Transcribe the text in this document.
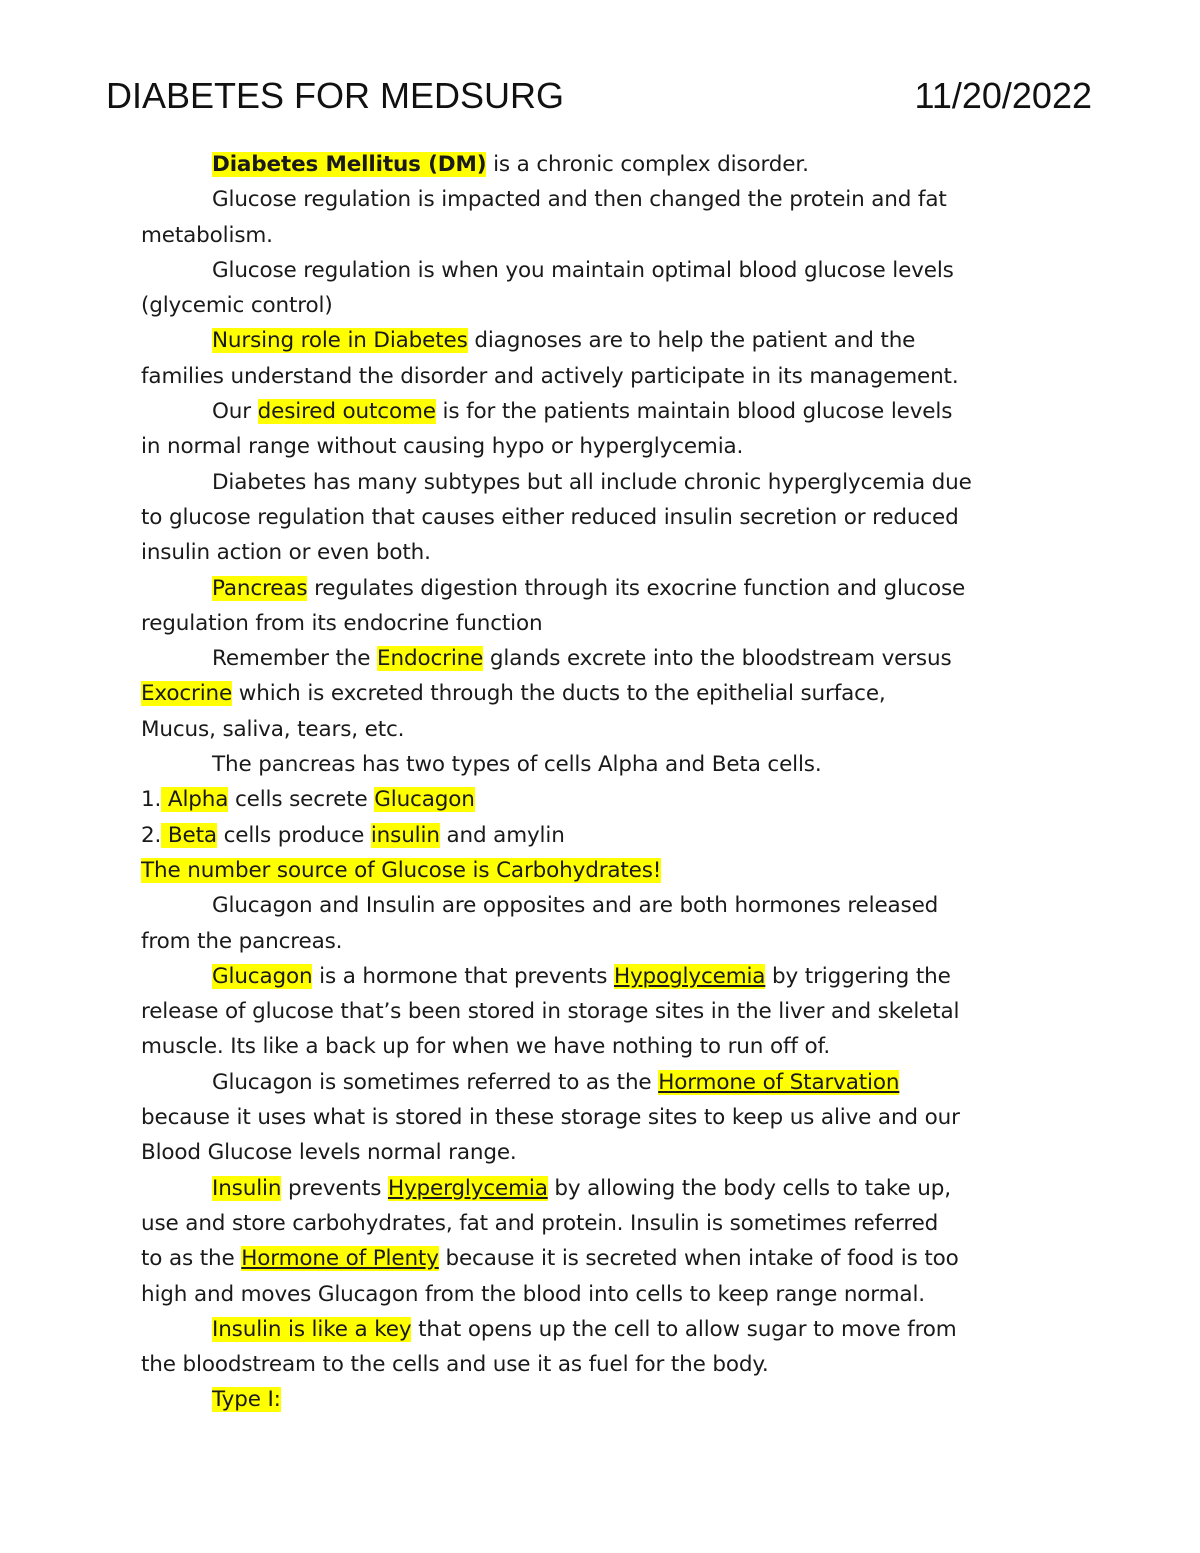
DIABETES FOR MEDSURG	11/20/2022
Diabetes Mellitus (DM) is a chronic complex disorder.
Glucose regulation is impacted and then changed the protein and fat
metabolism.
Glucose regulation is when you maintain optimal blood glucose levels
(glycemic control)
Nursing role in Diabetes diagnoses are to help the patient and the
families understand the disorder and actively participate in its management.
Our desired outcome is for the patients maintain blood glucose levels
in normal range without causing hypo or hyperglycemia.
Diabetes has many subtypes but all include chronic hyperglycemia due
to glucose regulation that causes either reduced insulin secretion or reduced
insulin action or even both.
Pancreas regulates digestion through its exocrine function and glucose
regulation from its endocrine function
Remember the Endocrine glands excrete into the bloodstream versus
Exocrine which is excreted through the ducts to the epithelial surface,
Mucus, saliva, tears, etc.
The pancreas has two types of cells Alpha and Beta cells.
1. Alpha cells secrete Glucagon
2. Beta cells produce insulin and amylin
The number source of Glucose is Carbohydrates!
Glucagon and Insulin are opposites and are both hormones released
from the pancreas.
Glucagon is a hormone that prevents Hypoglycemia by triggering the
release of glucose that’s been stored in storage sites in the liver and skeletal
muscle. Its like a back up for when we have nothing to run off of.
Glucagon is sometimes referred to as the Hormone of Starvation
because it uses what is stored in these storage sites to keep us alive and our
Blood Glucose levels normal range.
Insulin prevents Hyperglycemia by allowing the body cells to take up,
use and store carbohydrates, fat and protein. Insulin is sometimes referred
to as the Hormone of Plenty because it is secreted when intake of food is too
high and moves Glucagon from the blood into cells to keep range normal.
Insulin is like a key that opens up the cell to allow sugar to move from
the bloodstream to the cells and use it as fuel for the body.
Type I:
